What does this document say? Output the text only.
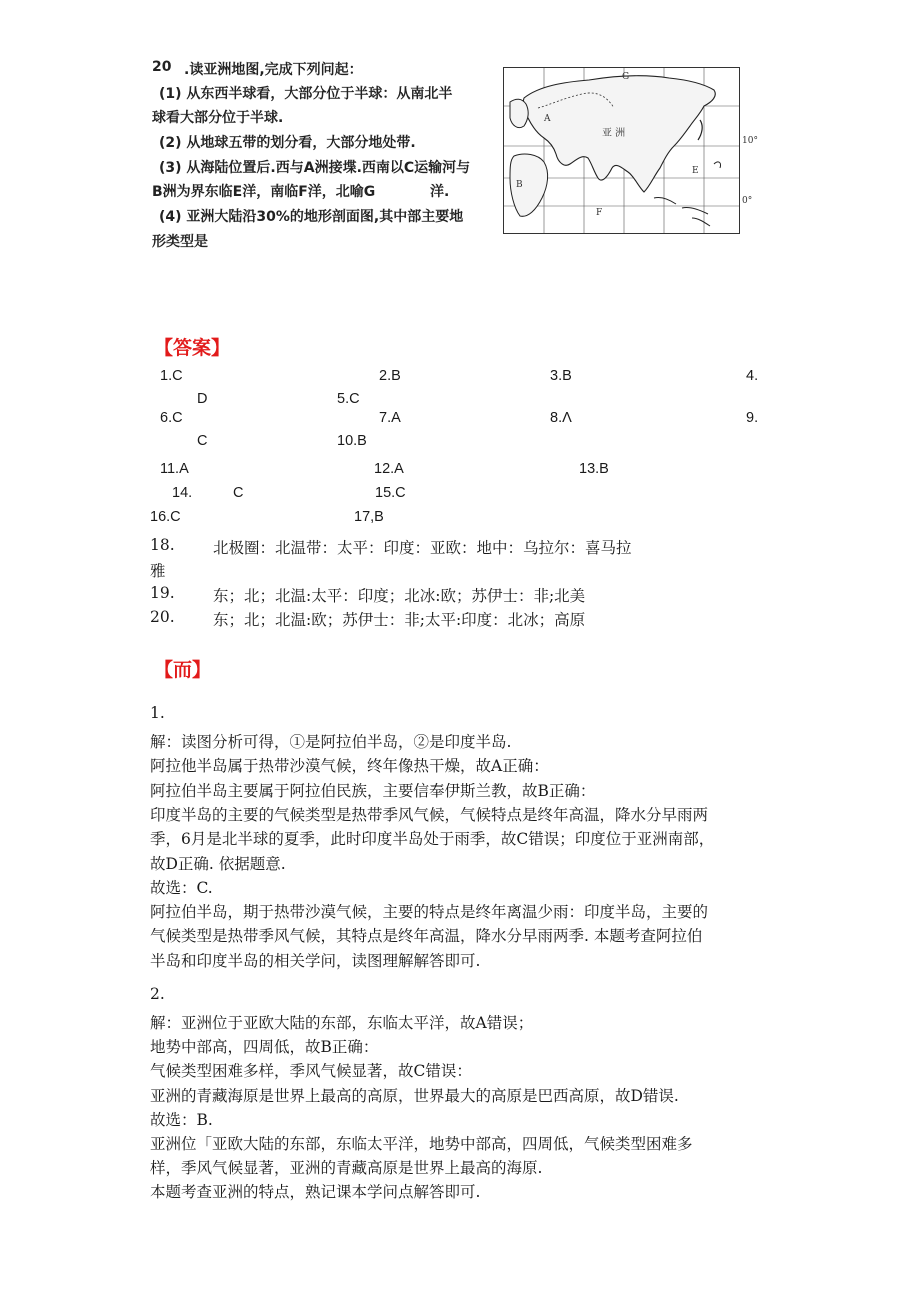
20 .读亚洲地图,完成下列问起：
(1) 从东西半球看，大部分位于半球：从南北半
球看大部分位于半球.
(2) 从地球五带的划分看，大部分地处带.
(3) 从海陆位置后.西与A洲接堞.西南以C运输河与
B洲为界东临E洋，南临F洋，北喻G	洋.
(4) 亚洲大陆沿30%的地形剖面图,其中部主要地
形类型是
A
亚 洲
B
E
F
G
10°
0°
【答案】
1.C	2.B	3.B	4.
D	5.C
6.C	7.A	8.Λ	9.
C	10.B
11.A	12.A	13.B
14.	C	15.C
16.C	17,B
18. 北极圈：北温带：太平：印度：亚欧：地中：乌拉尔：喜马拉
雅
19. 东；北；北温:太平：印度；北冰:欧；苏伊士：非;北美
20. 东；北；北温:欧；苏伊士：非;太平:印度：北冰；高原
【而】
1.
解：读图分析可得，①是阿拉伯半岛，②是印度半岛.
阿拉他半岛属于热带沙漠气候，终年像热干燥，故A正确：
阿拉伯半岛主要属于阿拉伯民族，主要信奉伊斯兰教，故B正确：
印度半岛的主要的气候类型是热带季风气候，气候特点是终年高温，降水分早雨两
季，6月是北半球的夏季，此时印度半岛处于雨季，故C错误；印度位于亚洲南部，
故D正确. 依据题意.
故选：C.
阿拉伯半岛，期于热带沙漠气候，主要的特点是终年离温少雨：印度半岛，主要的
气候类型是热带季风气候，其特点是终年高温，降水分早雨两季. 本题考查阿拉伯
半岛和印度半岛的相关学问，读图理解解答即可.
2.
解：亚洲位于亚欧大陆的东部，东临太平洋，故A错误；
地势中部高，四周低，故B正确：
气候类型困难多样，季风气候显著，故C错误：
亚洲的青藏海原是世界上最高的高原，世界最大的高原是巴西高原，故D错误.
故选：B.
亚洲位「亚欧大陆的东部，东临太平洋，地势中部高，四周低，气候类型困难多
样，季风气候显著，亚洲的青藏高原是世界上最高的海原.
本题考查亚洲的特点，熟记课本学问点解答即可.
